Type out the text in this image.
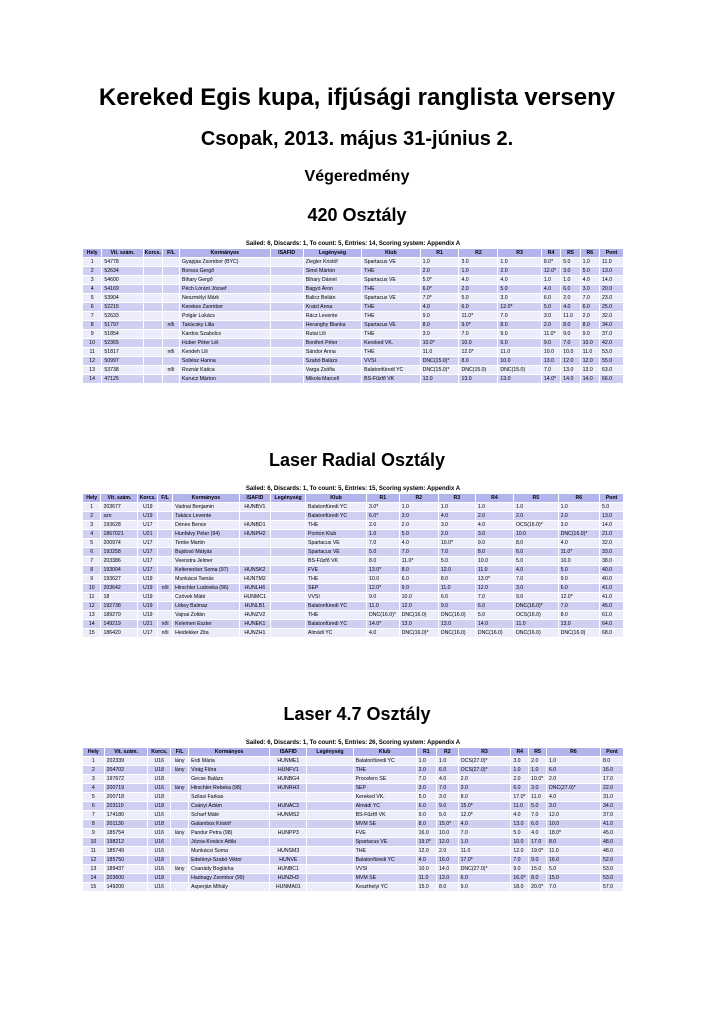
Kereked Egis kupa, ifjúsági ranglista verseny
Csopak, 2013. május 31-június 2.
Végeredmény
420 Osztály
Sailed: 6, Discards: 1, To count: 5, Entries: 14, Scoring system: Appendix A
Hely	Vit. szám.	Korcs.	F/L	Kormányos	ISAFID	Legénység	Klub	R1	R2	R3	R4	R5	R6	Pont
1	54778			Gyapjas Zsombor (BYC)		Ziegler Kristóf	Spartacus VE	1.0	3.0	1.0	8.0*	5.0	1.0	11.0
2	52634			Borsos Gergő		Simó Márton	THE	2.0	1.0	2.0	12.0*	3.0	5.0	13.0
3	54600			Bihary Gergő		Bihary Dániel	Spartacus VE	5.0*	4.0	4.0	1.0	1.0	4.0	14.0
4	54169			Péch Lóránt József		Bagyó Áron	THE	6.0*	2.0	5.0	4.0	6.0	3.0	20.0
5	53904			Neszmélyi Márk		Balicz Belián	Spartacus VE	7.0*	5.0	3.0	6.0	2.0	7.0	23.0
6	52215			Kerekes Zsombor		Kratzl Anna	THE	4.0	6.0	12.0*	5.0	4.0	6.0	25.0
7	52633			Polgár Lukács		Rácz Levente	THE	9.0	11.0*	7.0	3.0	11.0	2.0	32.0
8	51797		női	Takácsky Lilla		Heranghy Blanka	Spartacus VE	8.0	9.0*	8.0	2.0	8.0	8.0	34.0
9	51854			Kardos Szabolcs		Rutai Lili	THE	3.0	7.0	9.0	11.0*	9.0	9.0	37.0
10	52365			Huber Péter Lél		Bonifert Péter	Kereked VK.	10.0*	10.0	6.0	9.0	7.0	10.0	42.0
11	51817		női	Kendeh Lili		Sándor Anna	THE	11.0	12.0*	11.0	10.0	10.0	11.0	53.0
12	50997			Soltész Hanna		Szabó Balázs	VVSI	DNC(15.0)*	8.0	10.0	13.0	12.0	12.0	55.0
13	53738		női	Roznár Katica		Varga Zsófia	Balatonfüredi YC	DNC(15.0)*	DNC(15.0)	DNC(15.0)	7.0	13.0	13.0	63.0
14	47125			Kurucz Márton		Mikola Marcell	BS-Fűzfő VK	12.0	13.0	13.0	14.0*	14.0	14.0	66.0
Laser Radial Osztály
Sailed: 6, Discards: 1, To count: 5, Entries: 15, Scoring system: Appendix A
Hely	Vit. szám.	Korcs.	F/L	Kormányos	ISAFID	Legénység	Klub	R1	R2	R3	R4	R5	R6	Pont
1	203677	U19		Vadnai Benjamin	HUNBV1		Balatonfüredi YC	3.0*	1.0	1.0	1.0	1.0	1.0	5.0
2	szn	U19		Takács Levente			Balatonfüredi YC	6.0*	3.0	4.0	2.0	2.0	2.0	13.0
3	193628	U17		Dénes Bence	HUNBD1		THE	2.0	2.0	3.0	4.0	OCS(16.0)*	3.0	14.0
4	1867021	U21		Hunfalvy Péter (94)	HUNPH2		Ponton Klub	1.0	5.0	2.0	3.0	10.0	DNC(16.0)*	21.0
5	200974	U17		Tenke Martin			Spartacus VE	7.0	4.0	10.0*	9.0	8.0	4.0	32.0
6	193258	U17		Bujdosó Mátyás			Spartacus VE	5.0	7.0	7.0	8.0	6.0	11.0*	33.0
7	203386	U17		Veenstra Jelmer			BS-Fűzfő VK	8.0	11.0*	5.0	10.0	5.0	10.0	38.0
8	193004	U17		Keltenecker Soma (97)	HUNSK2		FVE	13.0*	8.0	12.0	11.0	4.0	5.0	40.0
9	193627	U19		Munkácsi Tamás	HUNTM2		THE	10.0	6.0	8.0	13.0*	7.0	9.0	40.0
10	203642	U19	női	Hirschler Ludovika (96)	HUNLH6		SEP	12.0*	9.0	11.0	12.0	3.0	6.0	41.0
11	18	U19		Czövek Máté	HUNMC1		VVSI	9.0	10.0	6.0	7.0	9.0	12.0*	41.0
12	192738	U19		Litkey Balmaz	HUNLB1		Balatonfüredi YC	11.0	12.0	9.0	6.0	DNC(16.0)*	7.0	45.0
13	189270	U19		Vajnai Zoltán	HUNZV2		THE	DNC(16.0)*	DNC(16.0)	DNC(16.0)	5.0	OCS(16.0)	8.0	61.0
14	149219	U21	női	Kelemen Eszter	HUNEK1		Balatonfüredi YC	14.0*	13.0	13.0	14.0	11.0	13.0	64.0
15	186420	U17	női	Heidekker Zita	HUNZH1		Almádi YC	4.0	DNC(16.0)*	DNC(16.0)	DNC(16.0)	DNC(16.0)	DNC(16.0)	68.0
Laser 4.7 Osztály
Sailed: 6, Discards: 1, To count: 5, Entries: 26, Scoring system: Appendix A
Hely	Vit. szám.	Korcs.	F/L	Kormányos	ISAFID	Legénység	Klub	R1	R2	R3	R4	R5	R6	Pont
1	202339	U16	lány	Erdi Mária	HUNME1		Balatonfüredi YC	1.0	1.0	OCS(27.0)*	3.0	2.0	1.0	8.0
2	204702	U18	lány	Virág Flóra	HUNFV1		THE	2.0	6.0	OCS(27.0)*	1.0	1.0	6.0	16.0
3	197672	U18		Gecse Balázs	HUNBG4		Procelero SE	7.0	4.0	2.0	2.0	10.0*	2.0	17.0
4	200719	U16	lány	Hirschler Rebeka (98)	HUNRH3		SEP	3.0	7.0	3.0	6.0	3.0	DNC(27.0)*	22.0
5	200718	U18		Szilasi Farkas			Kereked VK.	5.0	3.0	8.0	17.0*	11.0	4.0	31.0
6	203110	U18		Csányi Ádám	HUNAC3		Almádi YC	6.0	9.0	15.0*	11.0	5.0	3.0	34.0
7	174180	U16		Scharf Máté	HUNMS2		BS-Fűzfő VK	9.0	5.0	12.0*	4.0	7.0	12.0	37.0
8	201130	U18		Galambos Kristóf			MVM SE	8.0	15.0*	4.0	13.0	6.0	10.0	41.0
9	185754	U16	lány	Pandur Petra (98)	HUNPP3		FVE	16.0	10.0	7.0	5.0	4.0	18.0*	45.0
10	198212	U16		Józsa-Kovács Attila			Spartacus VE	19.0*	12.0	1.0	10.0	17.0	8.0	48.0
11	185749	U16		Munkácsi Soma	HUNSM3		THE	12.0	2.0	11.0	12.0	19.0*	11.0	48.0
12	185750	U18		Edelényi-Szabó Viktor	HUNVE		Balatonfüredi YC	4.0	16.0	17.0*	7.0	9.0	16.0	52.0
13	189437	U16	lány	Csanády Boglárka	HUNBC1		VVSI	10.0	14.0	DNC(27.0)*	9.0	15.0	5.0	53.0
14	203600	U18		Hadnagy Zsombor (99)	HUNZH3		MVM SE	11.0	13.0	6.0	16.0*	8.0	15.0	53.0
15	149200	U16		Asperján Mihály	HUNMA01		Keszthelyi YC	15.0	8.0	9.0	18.0	20.0*	7.0	57.0
